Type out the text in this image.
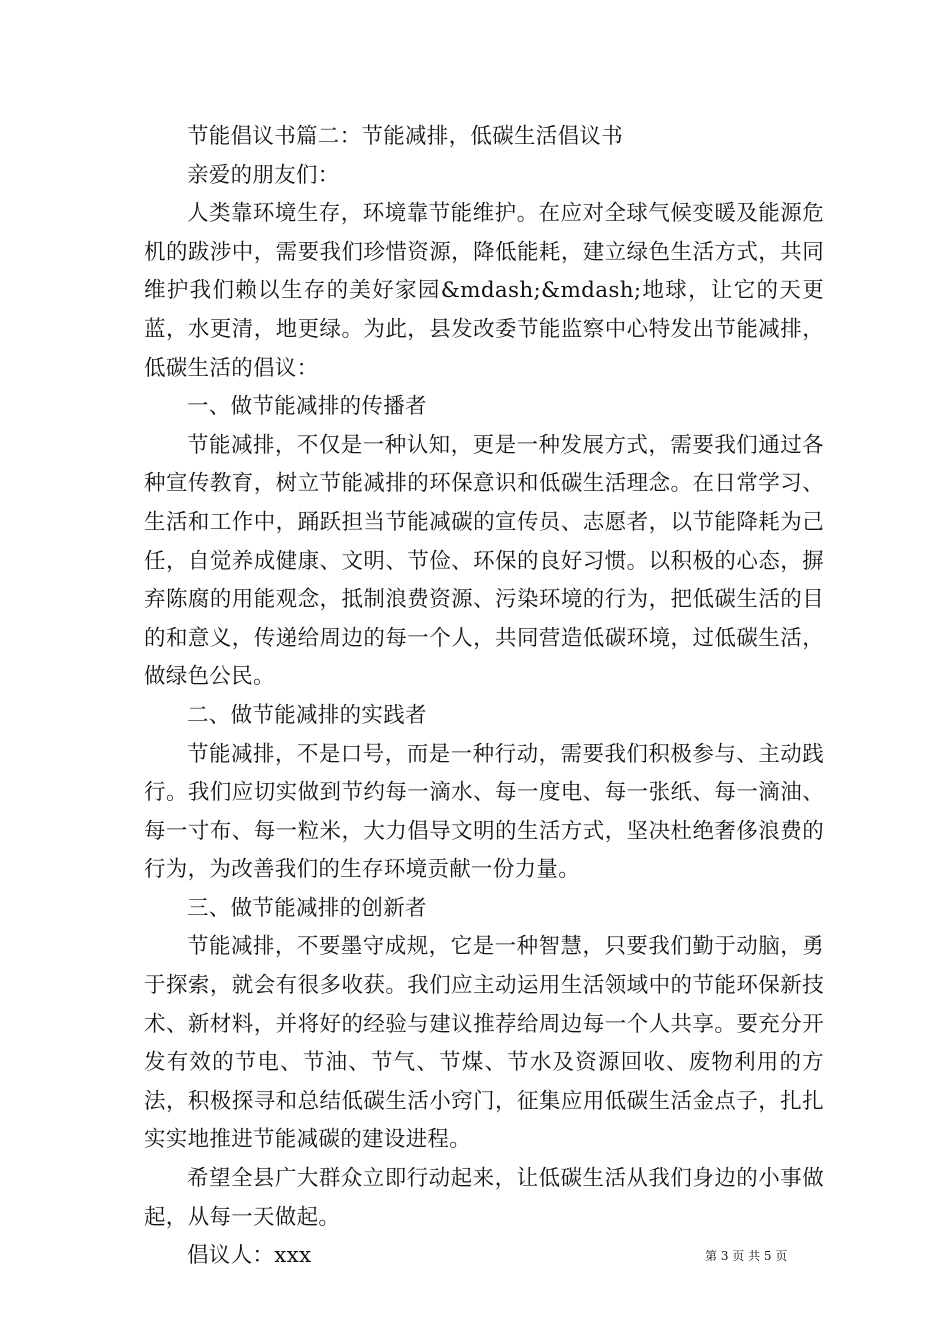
节能倡议书篇二：节能减排，低碳生活倡议书

亲爱的朋友们：

人类靠环境生存，环境靠节能维护。在应对全球气候变暖及能源危机的跋涉中，需要我们珍惜资源，降低能耗，建立绿色生活方式，共同维护我们赖以生存的美好家园&mdash;&mdash;地球，让它的天更蓝，水更清，地更绿。为此，县发改委节能监察中心特发出节能减排，低碳生活的倡议：

一、做节能减排的传播者

节能减排，不仅是一种认知，更是一种发展方式，需要我们通过各种宣传教育，树立节能减排的环保意识和低碳生活理念。在日常学习、生活和工作中，踊跃担当节能减碳的宣传员、志愿者，以节能降耗为己任，自觉养成健康、文明、节俭、环保的良好习惯。以积极的心态，摒弃陈腐的用能观念，抵制浪费资源、污染环境的行为，把低碳生活的目的和意义，传递给周边的每一个人，共同营造低碳环境，过低碳生活，做绿色公民。

二、做节能减排的实践者

节能减排，不是口号，而是一种行动，需要我们积极参与、主动践行。我们应切实做到节约每一滴水、每一度电、每一张纸、每一滴油、每一寸布、每一粒米，大力倡导文明的生活方式，坚决杜绝奢侈浪费的行为，为改善我们的生存环境贡献一份力量。

三、做节能减排的创新者

节能减排，不要墨守成规，它是一种智慧，只要我们勤于动脑，勇于探索，就会有很多收获。我们应主动运用生活领域中的节能环保新技术、新材料，并将好的经验与建议推荐给周边每一个人共享。要充分开发有效的节电、节油、节气、节煤、节水及资源回收、废物利用的方法，积极探寻和总结低碳生活小窍门，征集应用低碳生活金点子，扎扎实实地推进节能减碳的建设进程。

希望全县广大群众立即行动起来，让低碳生活从我们身边的小事做起，从每一天做起。

倡议人：xxx	第 3 页 共 5 页
